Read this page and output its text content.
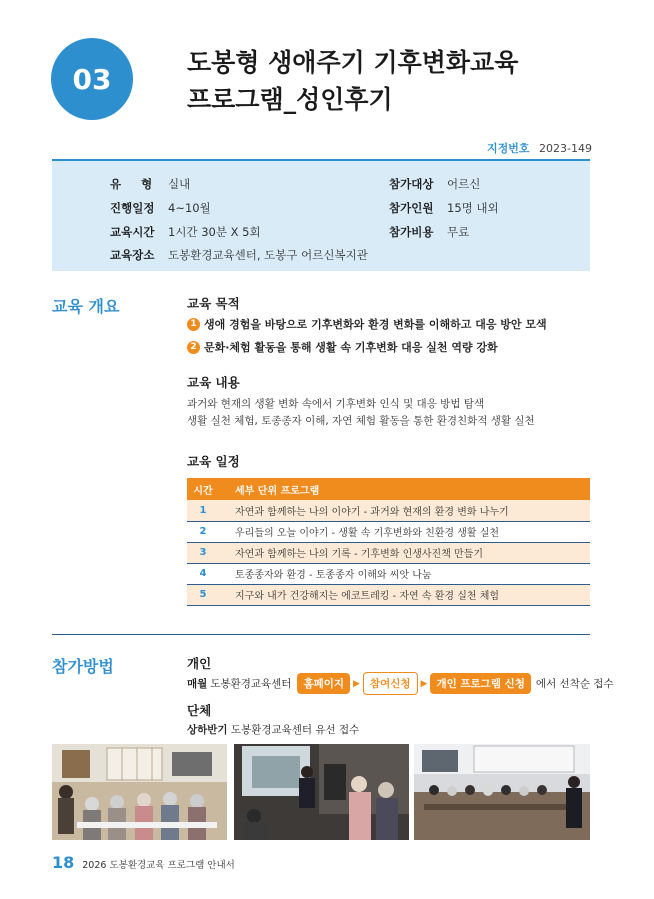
03	도봉형 생애주기 기후변화교육
프로그램_성인후기
지정번호 2023-149
유 형 실내
진행일정	4~10월
교육시간	1시간 30분 X 5회
교육장소	도봉환경교육센터, 도봉구 어르신복지관
참가대상	어르신
참가인원	15명 내외
참가비용	무료
교육 개요	교육 목적
1 생애 경험을 바탕으로 기후변화와 환경 변화를 이해하고 대응 방안 모색
2 문화·체험 활동을 통해 생활 속 기후변화 대응 실천 역량 강화
교육 내용
과거와 현재의 생활 변화 속에서 기후변화 인식 및 대응 방법 탐색
생활 실천 체험, 토종종자 이해, 자연 체험 활동을 통한 환경친화적 생활 실천
교육 일정
시간	세부 단위 프로그램
1	자연과 함께하는 나의 이야기 - 과거와 현재의 환경 변화 나누기
2	우리들의 오늘 이야기 - 생활 속 기후변화와 친환경 생활 실천
3	자연과 함께하는 나의 기록 - 기후변화 인생사진책 만들기
4	토종종자와 환경 - 토종종자 이해와 씨앗 나눔
5	지구와 내가 건강해지는 에코트레킹 - 자연 속 환경 실천 체험
참가방법	개인
매월 도봉환경교육센터	홈페이지	▶ 참여신청	▶ 개인 프로그램 신청	에서 선착순 접수
단체
상하반기 도봉환경교육센터 유선 접수
18 2026 도봉환경교육 프로그램 안내서
